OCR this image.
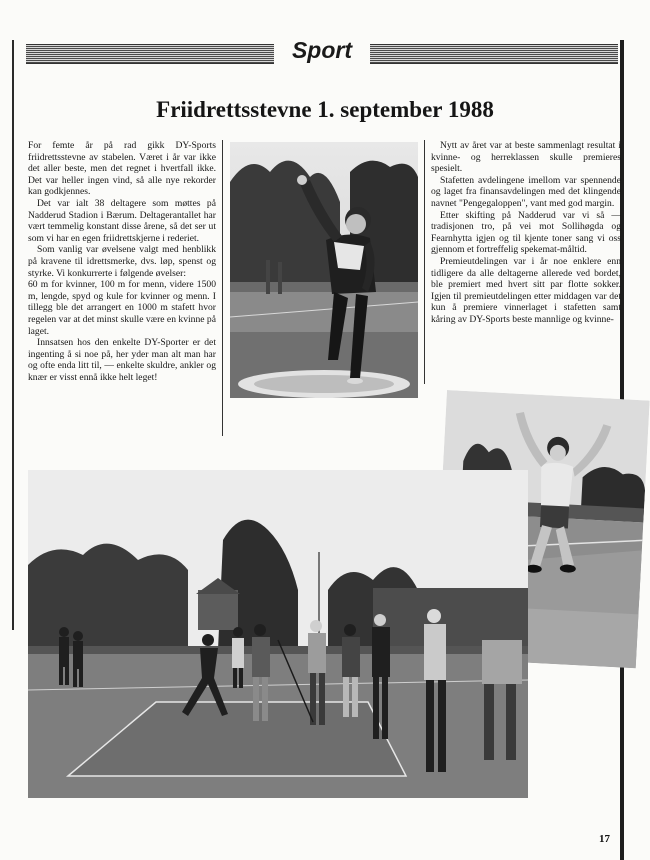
Sport
Friidrettsstevne 1. september 1988

For femte år på rad gikk DY-Sports friidrettsstevne av stabelen. Været i år var ikke det aller beste, men det regnet i hvertfall ikke. Det var heller ingen vind, så alle nye rekorder kan godkjennes.

Det var ialt 38 deltagere som møttes på Nadderud Stadion i Bærum. Deltagerantallet har vært temmelig konstant disse årene, så det ser ut som vi har en egen friidrettskjerne i rederiet.

Som vanlig var øvelsene valgt med henblikk på kravene til idrettsmerke, dvs. løp, spenst og styrke. Vi konkurrerte i følgende øvelser:

60 m for kvinner, 100 m for menn, videre 1500 m, lengde, spyd og kule for kvinner og menn. I tillegg ble det arrangert en 1000 m stafett hvor regelen var at det minst skulle være en kvinne på laget.

Innsatsen hos den enkelte DY-Sporter er det ingenting å si noe på, her yder man alt man har og ofte enda litt til, — enkelte skuldre, ankler og knær er visst ennå ikke helt leget!

Nytt av året var at beste sammenlagt resultat i kvinne- og herreklassen skulle premieres spesielt.

Stafetten avdelingene imellom var spennende og laget fra finansavdelingen med det klingende navnet "Pengegaloppen", vant med god margin.

Etter skifting på Nadderud var vi så — tradisjonen tro, på vei mot Sollihøgda og Fearnhytta igjen og til kjente toner sang vi oss gjennom et fortreffelig spekemat-måltid.

Premieutdelingen var i år noe enklere enn tidligere da alle deltagerne allerede ved bordet, ble premiert med hvert sitt par flotte sokker. Igjen til premieutdelingen etter middagen var det kun å premiere vinnerlaget i stafetten samt kåring av DY-Sports beste mannlige og kvinne-

17
